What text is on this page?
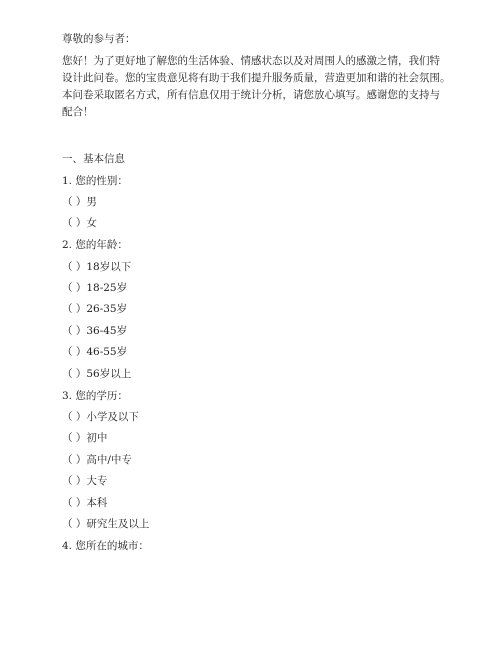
尊敬的参与者：
您好！为了更好地了解您的生活体验、情感状态以及对周围人的感激之情，我们特
设计此问卷。您的宝贵意见将有助于我们提升服务质量，营造更加和谐的社会氛围。
本问卷采取匿名方式，所有信息仅用于统计分析，请您放心填写。感谢您的支持与
配合！
一、基本信息
1. 您的性别：
（ ）男
（ ）女
2. 您的年龄：
（ ）18岁以下
（ ）18-25岁
（ ）26-35岁
（ ）36-45岁
（ ）46-55岁
（ ）56岁以上
3. 您的学历：
（ ）小学及以下
（ ）初中
（ ）高中/中专
（ ）大专
（ ）本科
（ ）研究生及以上
4. 您所在的城市：
